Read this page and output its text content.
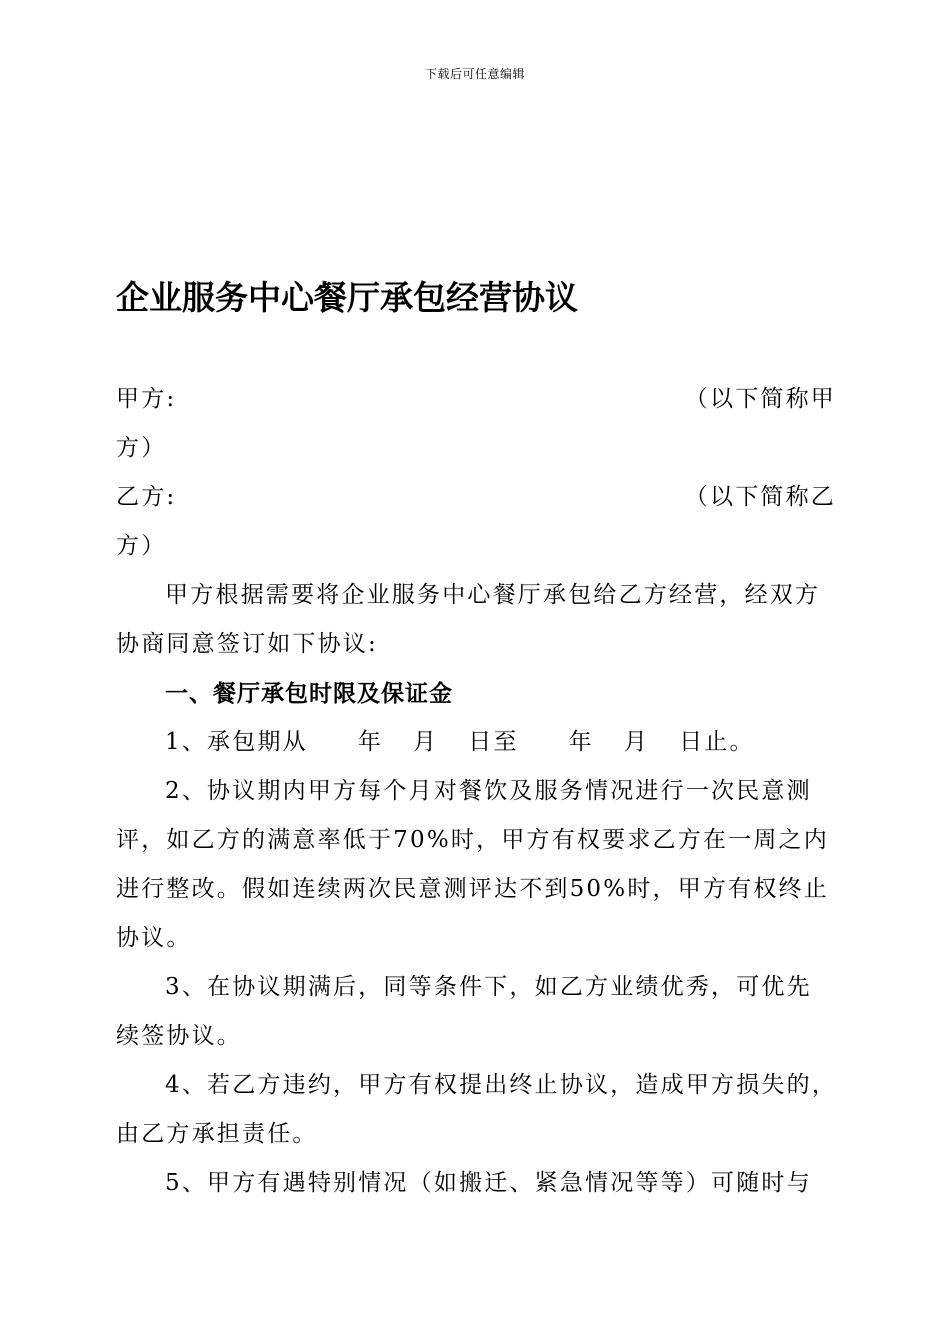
下载后可任意编辑
企业服务中心餐厅承包经营协议
甲方:	（以下简称甲
方）
乙方:	（以下简称乙
方）
甲方根据需要将企业服务中心餐厅承包给乙方经营，经双方
协商同意签订如下协议:
一、餐厅承包时限及保证金
1、承包期从 年 月 日至 年 月 日止。
2、协议期内甲方每个月对餐饮及服务情况进行一次民意测
评，如乙方的满意率低于70%时，甲方有权要求乙方在一周之内
进行整改。假如连续两次民意测评达不到50%时，甲方有权终止
协议。
3、在协议期满后，同等条件下，如乙方业绩优秀，可优先
续签协议。
4、若乙方违约，甲方有权提出终止协议，造成甲方损失的，
由乙方承担责任。
5、甲方有遇特别情况（如搬迁、紧急情况等等）可随时与
